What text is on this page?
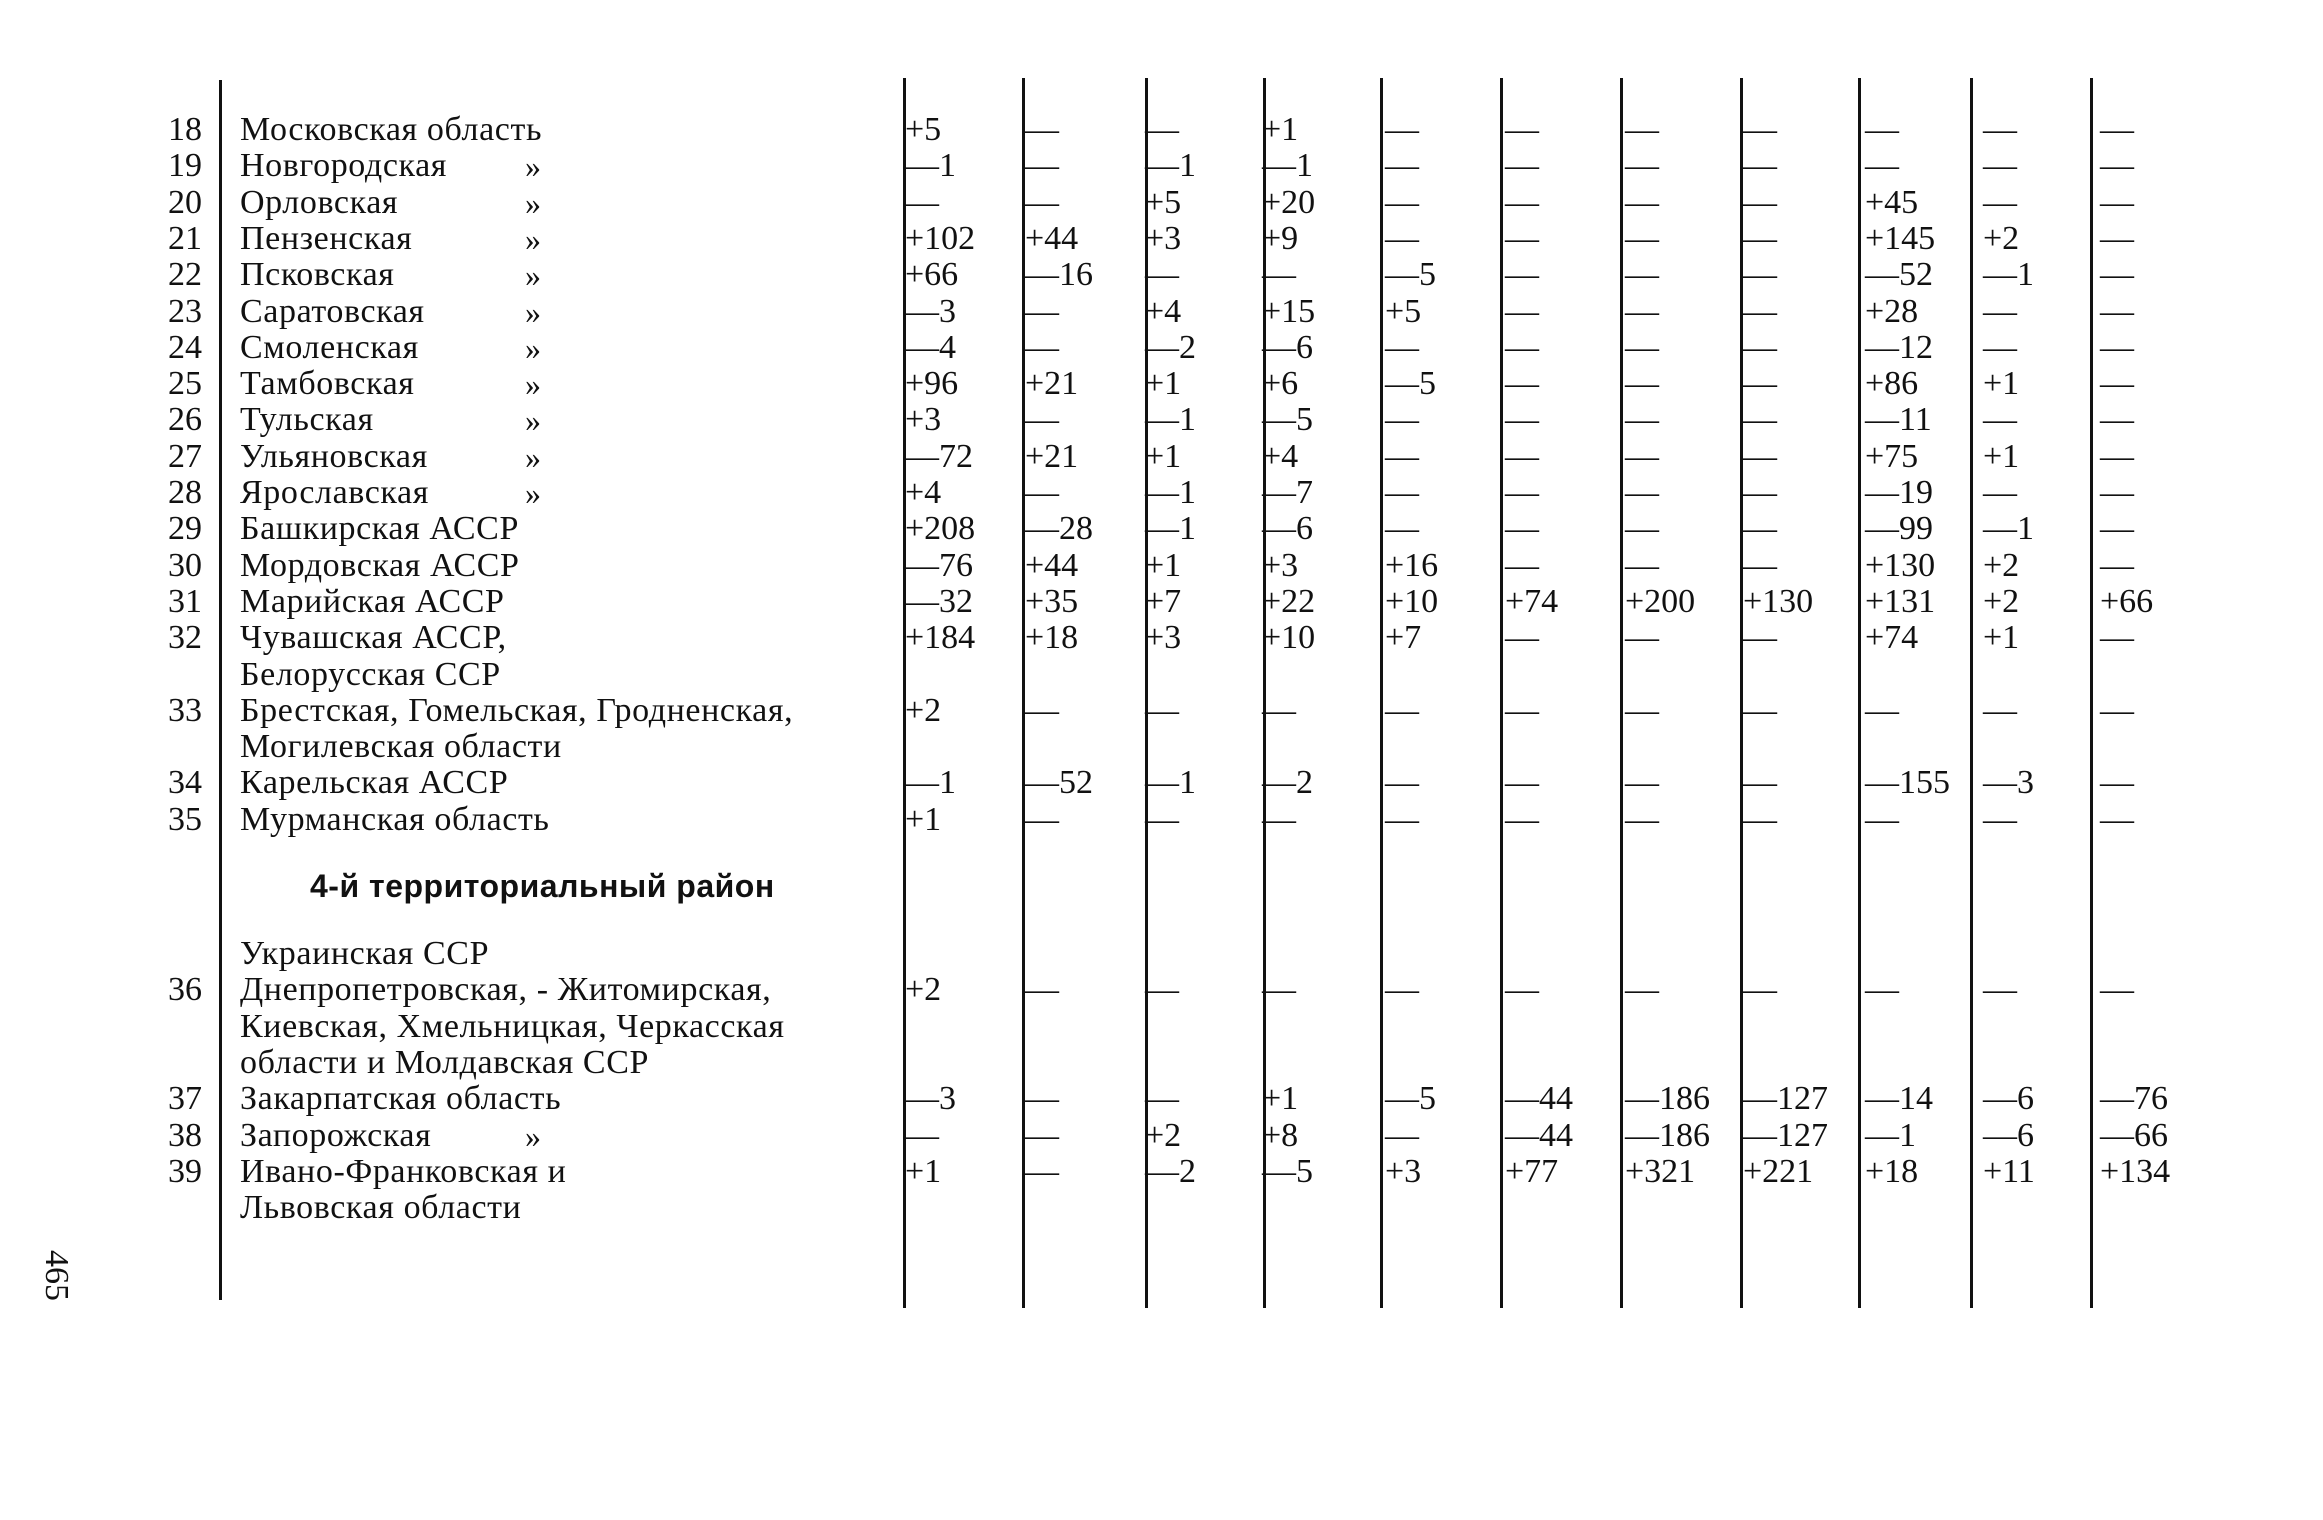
18 Московская область	+5 —	— +1	—	—	— —	— — —
19 Новгородская »	—1 —	—1 —1 —	—	— —	— — —
20 Орловская	»	—	—	+5 +20 —	—	— —	+45 — —
21 Пензенская	»	+102 +44 +3 +9	—	—	— —	+145 +2 —
22 Псковская	»	+66 —16 — —	—5 —	— —	—52 —1 —
23 Саратовская	»	—3 —	+4 +15 +5 —	— —	+28 — —
24 Смоленская	»	—4 —	—2 —6 —	—	— —	—12 — —
25 Тамбовская	»	+96 +21 +1 +6	—5 —	— —	+86 +1 —
26 Тульская	»	+3 —	—1 —5 —	—	— —	—11 — —
27 Ульяновская	»	—72 +21 +1 +4	—	—	— —	+75 +1 —
28 Ярославская	»	+4 —	—1 —7 —	—	— —	—19 — —
29 Башкирская АССР	+208 —28 —1 —6 —	—	— —	—99 —1 —
30 Мордовская АССР	—76 +44 +1 +3	+16 —	— —	+130 +2 —
31 Марийская АССР	—32 +35 +7 +22 +10 +74 +200 +130 +131 +2 +66
32 Чувашская АССР,	+184 +18 +3 +10 +7 —	— —	+74 +1 —
Белорусская ССР
33 Брестская, Гомельская, Гродненская,	+2 —	— —	—	—	— —	— — —
Могилевская области
34 Карельская АССР	—1 —52 —1 —2 —	—	— —	—155 —3 —
35 Мурманская область	+1 —	— —	—	—	— —	— — —
4-й территориальный район
Украинская ССР
36 Днепропетровская, - Житомирская,	+2 —	— —	—	—	— —	— — —
Киевская, Хмельницкая, Черкасская
области и Молдавская ССР
37 Закарпатская область	—3 —	— +1	—5 —44 —186 —127 —14 —6 —76
38 Запорожская	»	—	—	+2 +8	—	—44 —186 —127 —1 —6 —66
39 Ивано-Франковская и	+1 —	—2 —5 +3 +77 +321 +221 +18 +11 +134
Львовская области
465
